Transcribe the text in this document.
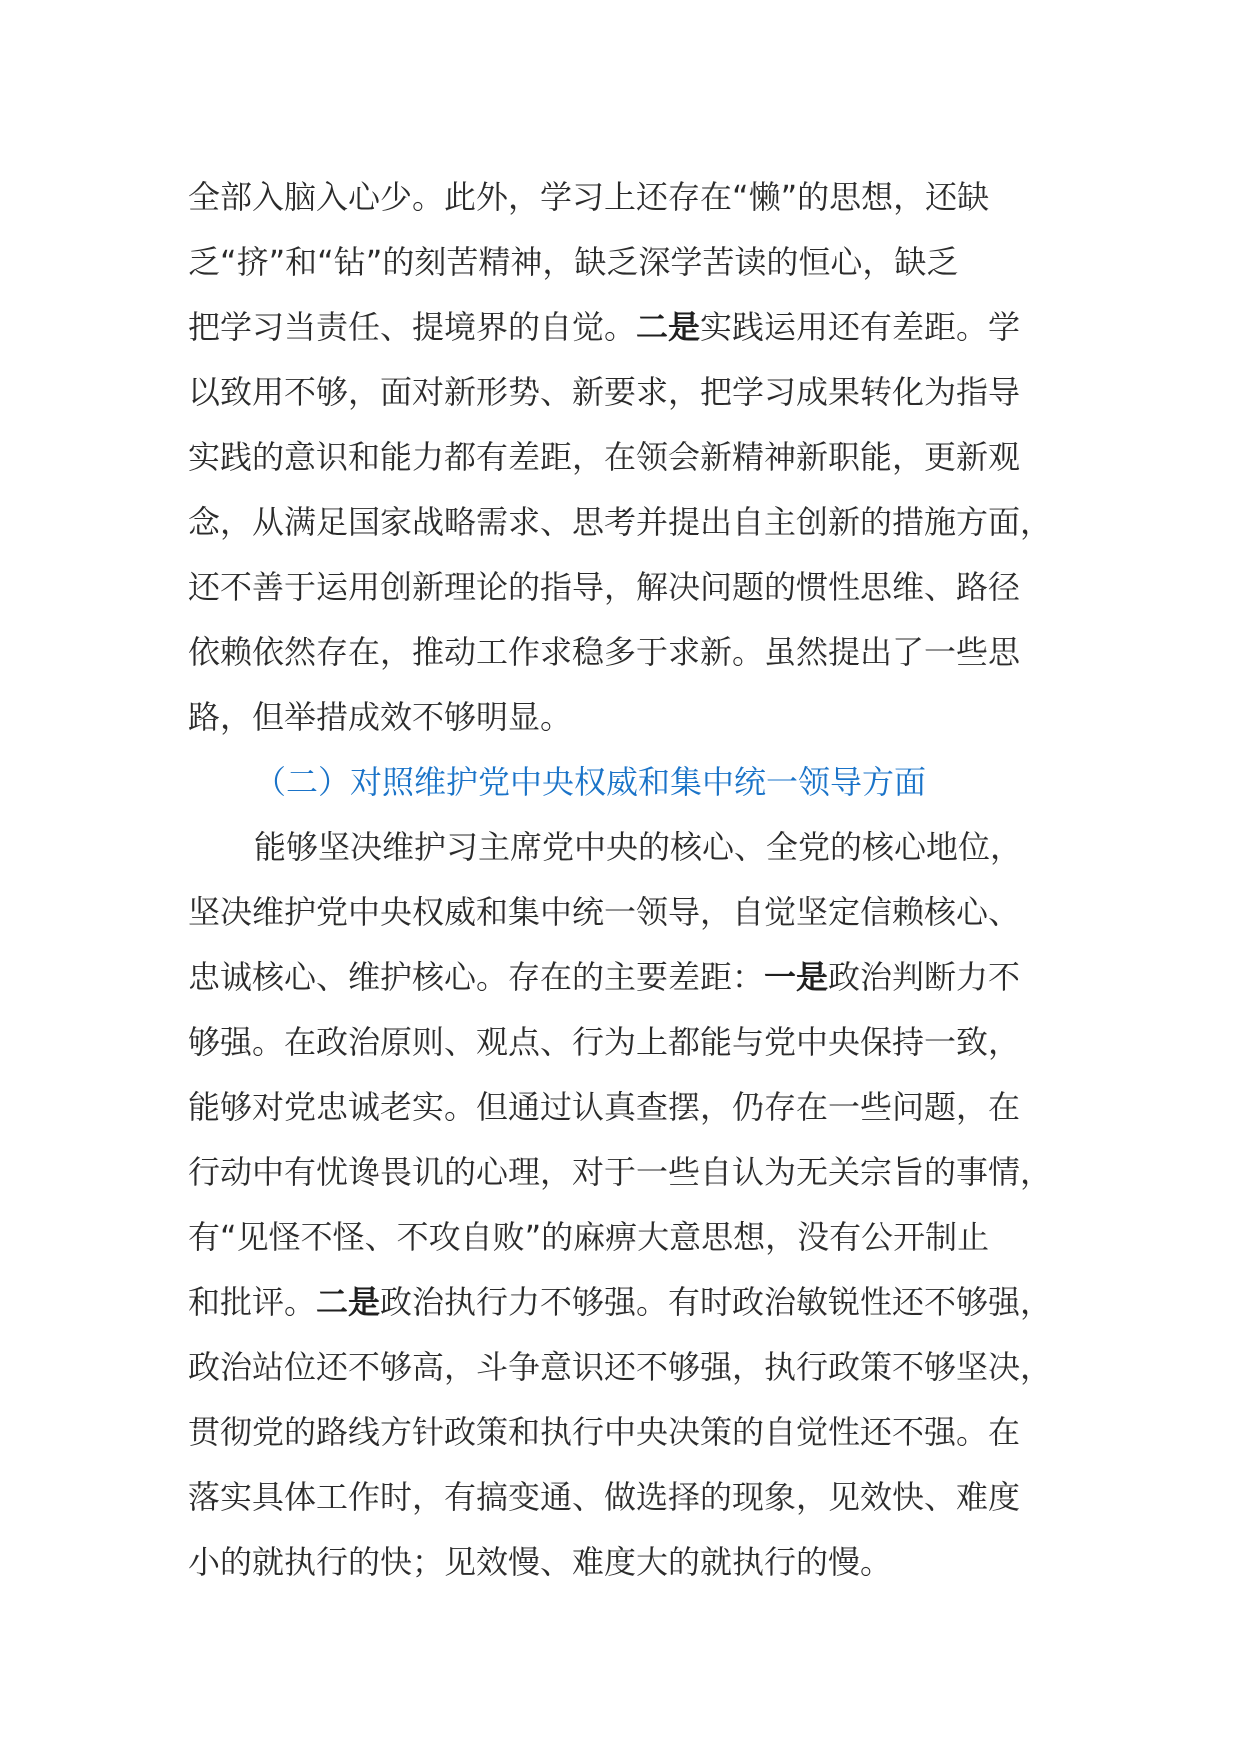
全部入脑入心少。此外，学习上还存在“懒”的思想，还缺
乏“挤”和“钻”的刻苦精神，缺乏深学苦读的恒心，缺乏
把学习当责任、提境界的自觉。二是实践运用还有差距。学
以致用不够，面对新形势、新要求，把学习成果转化为指导
实践的意识和能力都有差距，在领会新精神新职能，更新观
念，从满足国家战略需求、思考并提出自主创新的措施方面，
还不善于运用创新理论的指导，解决问题的惯性思维、路径
依赖依然存在，推动工作求稳多于求新。虽然提出了一些思
路，但举措成效不够明显。
（二）对照维护党中央权威和集中统一领导方面
能够坚决维护习主席党中央的核心、全党的核心地位，
坚决维护党中央权威和集中统一领导，自觉坚定信赖核心、
忠诚核心、维护核心。存在的主要差距：一是政治判断力不
够强。在政治原则、观点、行为上都能与党中央保持一致，
能够对党忠诚老实。但通过认真查摆，仍存在一些问题，在
行动中有忧谗畏讥的心理，对于一些自认为无关宗旨的事情，
有“见怪不怪、不攻自败”的麻痹大意思想，没有公开制止
和批评。二是政治执行力不够强。有时政治敏锐性还不够强，
政治站位还不够高，斗争意识还不够强，执行政策不够坚决，
贯彻党的路线方针政策和执行中央决策的自觉性还不强。在
落实具体工作时，有搞变通、做选择的现象，见效快、难度
小的就执行的快；见效慢、难度大的就执行的慢。
